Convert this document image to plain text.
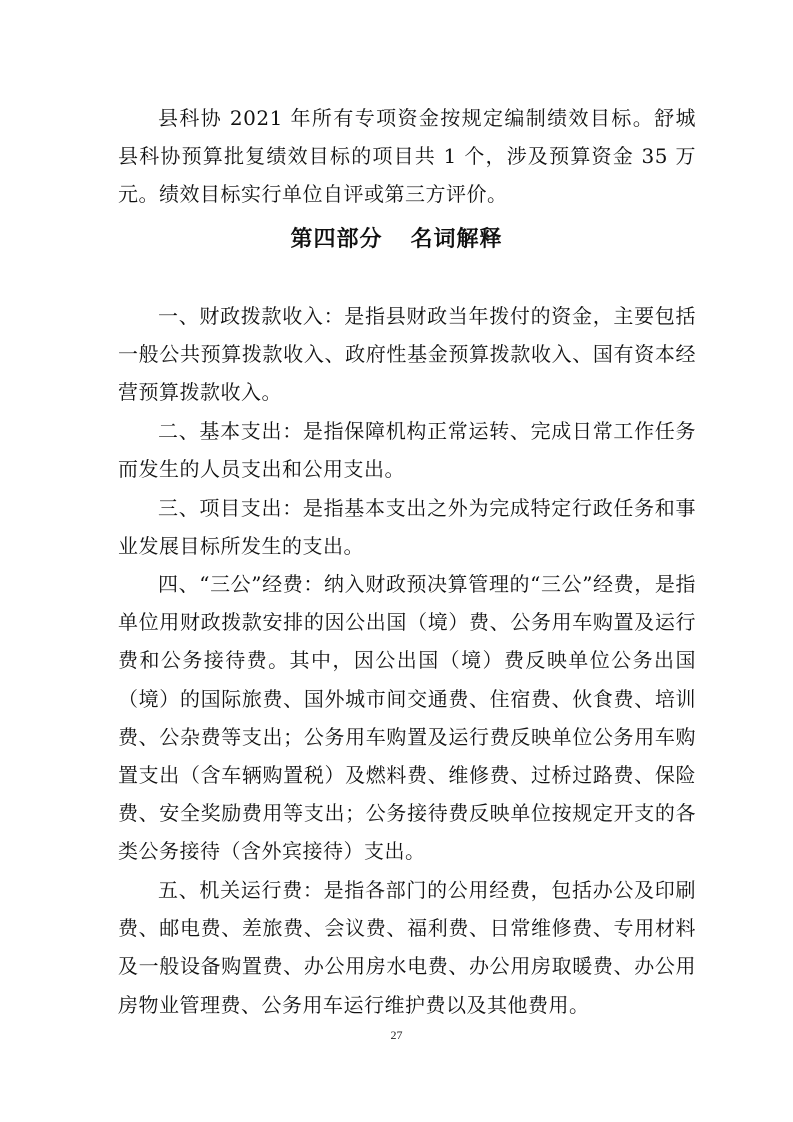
县科协 2021 年所有专项资金按规定编制绩效目标。舒城县科协预算批复绩效目标的项目共 1 个，涉及预算资金 35 万元。绩效目标实行单位自评或第三方评价。

第四部分 名词解释

一、财政拨款收入：是指县财政当年拨付的资金，主要包括一般公共预算拨款收入、政府性基金预算拨款收入、国有资本经营预算拨款收入。

二、基本支出：是指保障机构正常运转、完成日常工作任务而发生的人员支出和公用支出。

三、项目支出：是指基本支出之外为完成特定行政任务和事业发展目标所发生的支出。

四、“三公”经费：纳入财政预决算管理的“三公”经费，是指单位用财政拨款安排的因公出国（境）费、公务用车购置及运行费和公务接待费。其中，因公出国（境）费反映单位公务出国（境）的国际旅费、国外城市间交通费、住宿费、伙食费、培训费、公杂费等支出；公务用车购置及运行费反映单位公务用车购置支出（含车辆购置税）及燃料费、维修费、过桥过路费、保险费、安全奖励费用等支出；公务接待费反映单位按规定开支的各类公务接待（含外宾接待）支出。

五、机关运行费：是指各部门的公用经费，包括办公及印刷费、邮电费、差旅费、会议费、福利费、日常维修费、专用材料及一般设备购置费、办公用房水电费、办公用房取暖费、办公用房物业管理费、公务用车运行维护费以及其他费用。

27
